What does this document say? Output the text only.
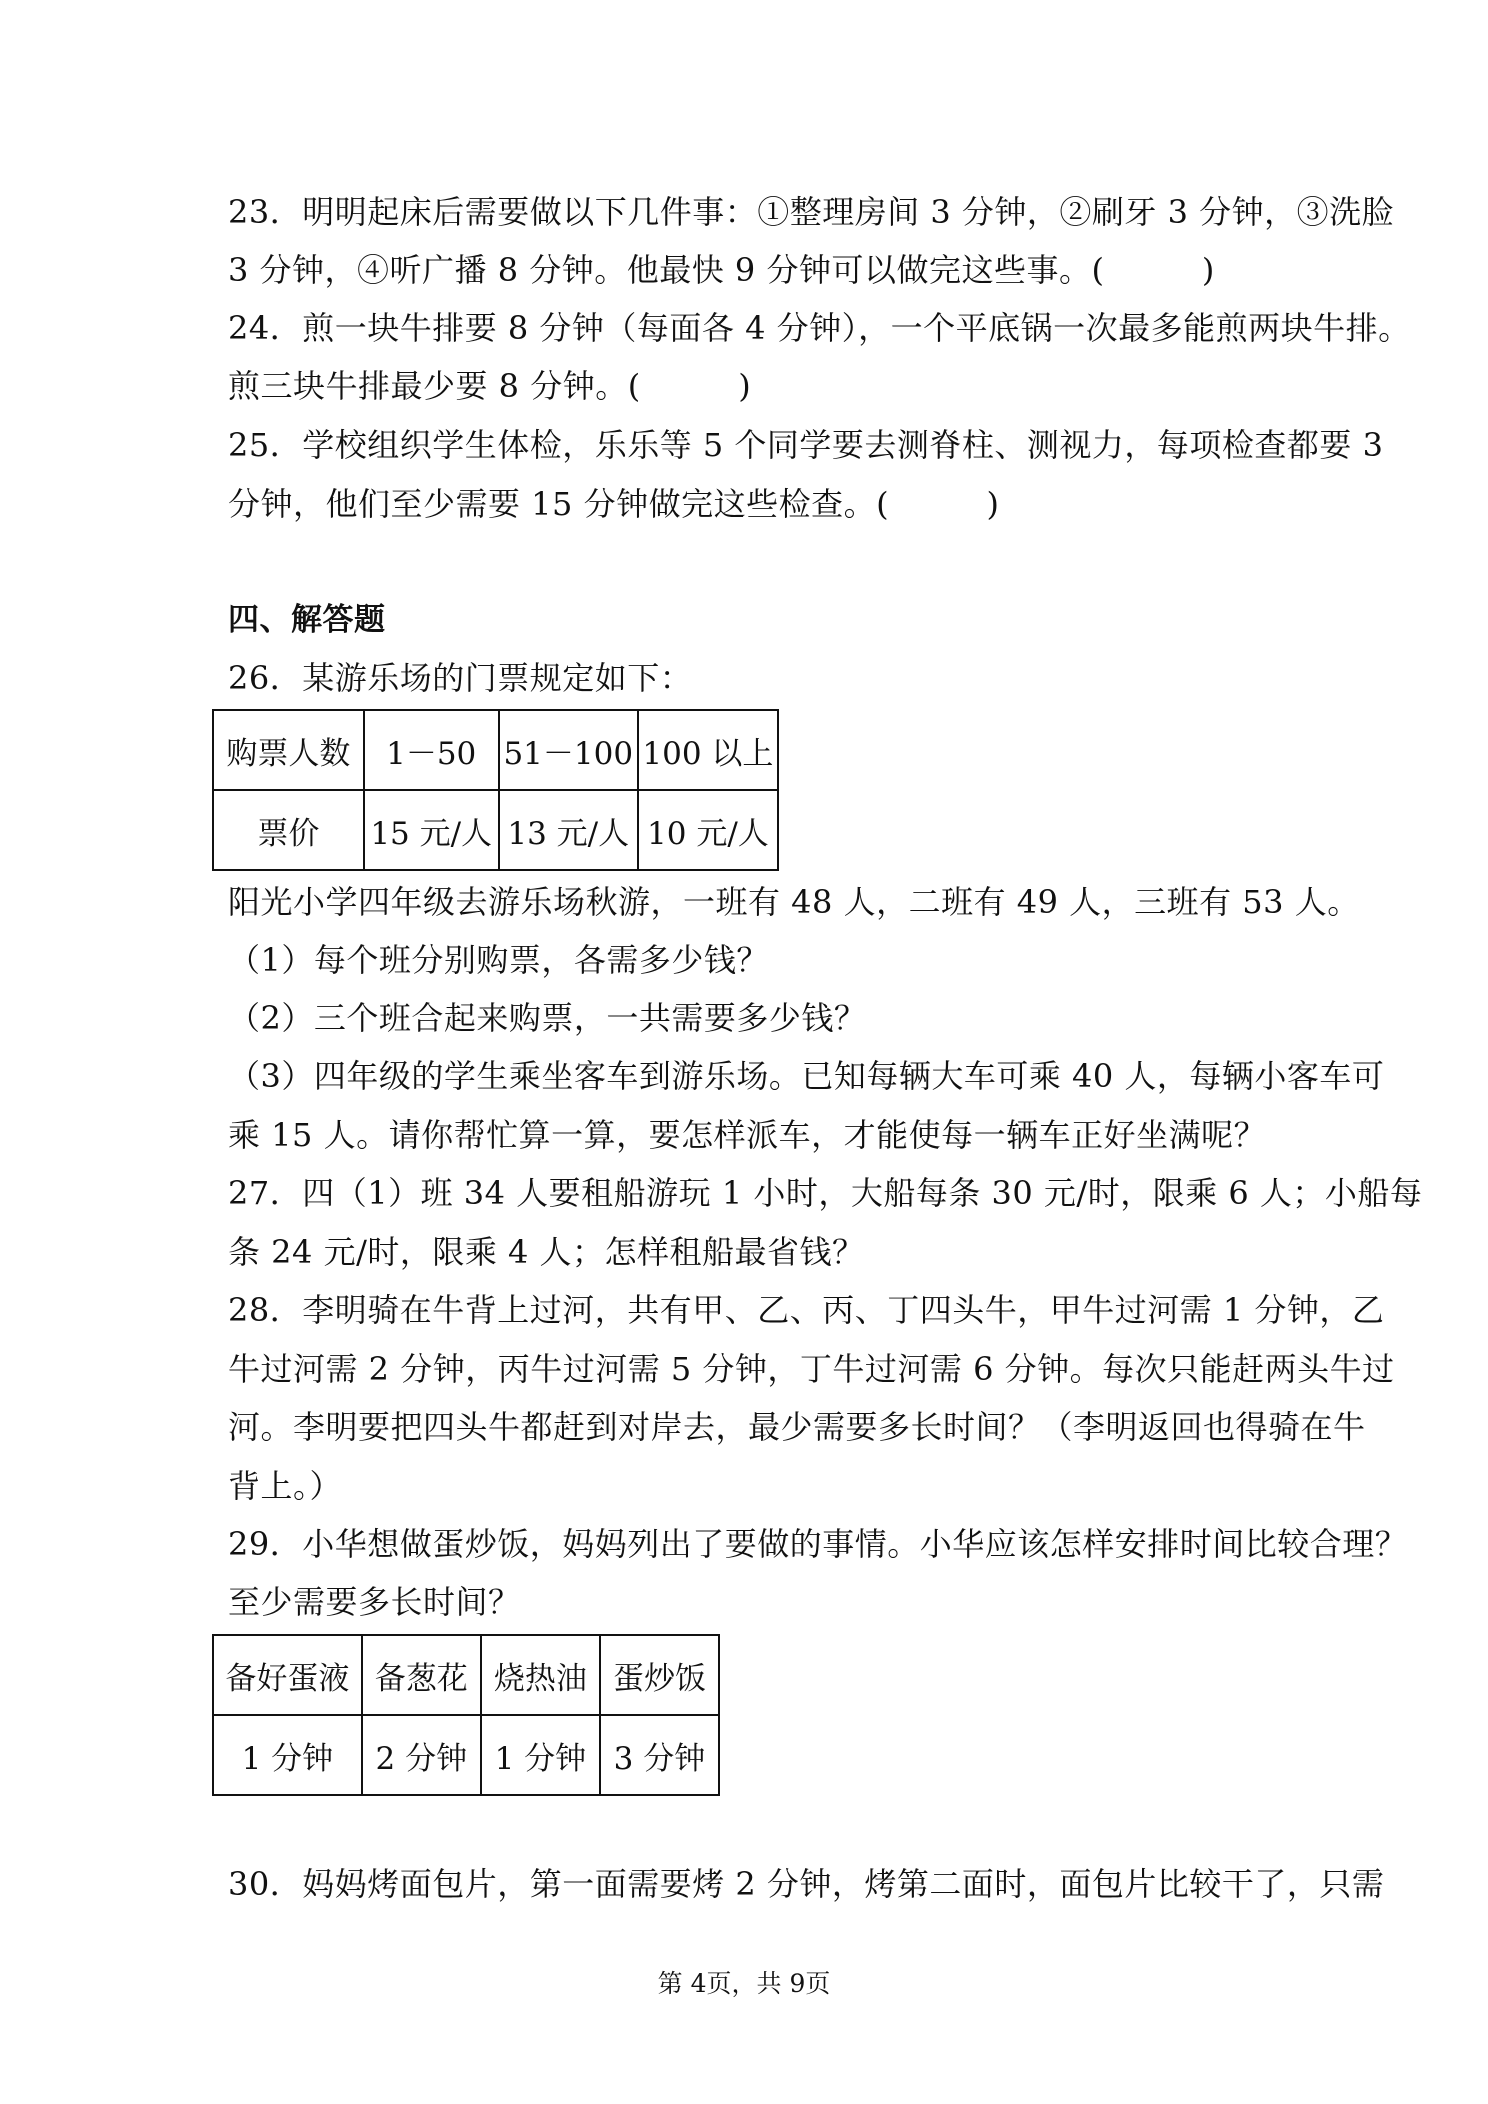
23．明明起床后需要做以下几件事：①整理房间 3 分钟，②刷牙 3 分钟，③洗脸
3 分钟，④听广播 8 分钟。他最快 9 分钟可以做完这些事。(　　　)
24．煎一块牛排要 8 分钟（每面各 4 分钟），一个平底锅一次最多能煎两块牛排。
煎三块牛排最少要 8 分钟。(　　　)
25．学校组织学生体检，乐乐等 5 个同学要去测脊柱、测视力，每项检查都要 3
分钟，他们至少需要 15 分钟做完这些检查。(　　　)
四、解答题
26．某游乐场的门票规定如下：
购票人数	1－50	51－100	100 以上
票价	15 元/人	13 元/人	10 元/人
阳光小学四年级去游乐场秋游，一班有 48 人，二班有 49 人，三班有 53 人。
（1）每个班分别购票，各需多少钱？
（2）三个班合起来购票，一共需要多少钱？
（3）四年级的学生乘坐客车到游乐场。已知每辆大车可乘 40 人，每辆小客车可
乘 15 人。请你帮忙算一算，要怎样派车，才能使每一辆车正好坐满呢？
27．四（1）班 34 人要租船游玩 1 小时，大船每条 30 元/时，限乘 6 人；小船每
条 24 元/时，限乘 4 人；怎样租船最省钱？
28．李明骑在牛背上过河，共有甲、乙、丙、丁四头牛，甲牛过河需 1 分钟，乙
牛过河需 2 分钟，丙牛过河需 5 分钟，丁牛过河需 6 分钟。每次只能赶两头牛过
河。李明要把四头牛都赶到对岸去，最少需要多长时间？（李明返回也得骑在牛
背上。）
29．小华想做蛋炒饭，妈妈列出了要做的事情。小华应该怎样安排时间比较合理？
至少需要多长时间？
备好蛋液	备葱花	烧热油	蛋炒饭
1 分钟	2 分钟	1 分钟	3 分钟
30．妈妈烤面包片，第一面需要烤 2 分钟，烤第二面时，面包片比较干了，只需
第 4页，共 9页
